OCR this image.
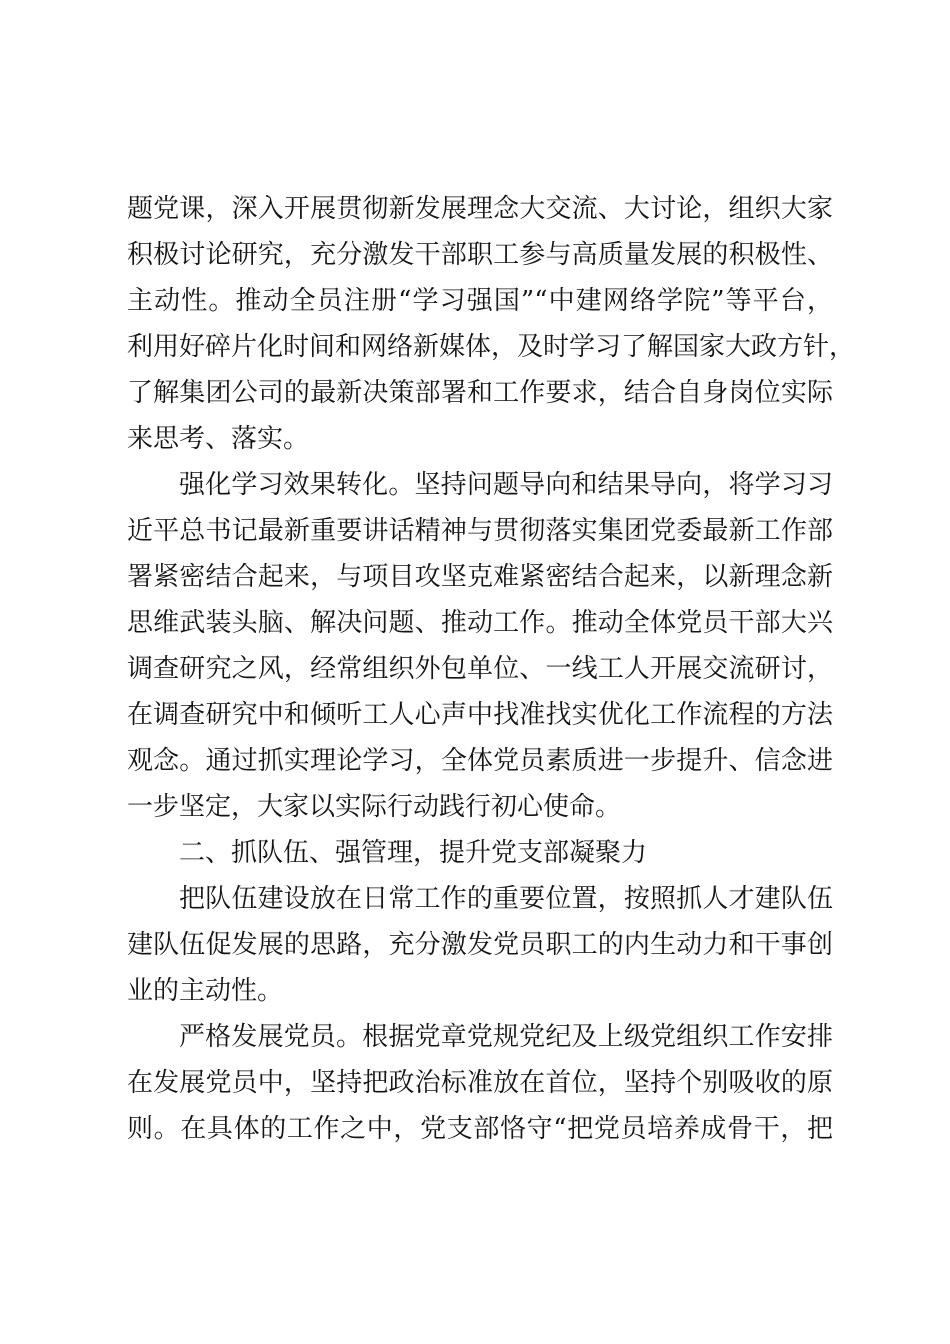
题党课，深入开展贯彻新发展理念大交流、大讨论，组织大家
积极讨论研究，充分激发干部职工参与高质量发展的积极性、
主动性。推动全员注册“学习强国”“中建网络学院”等平台，
利用好碎片化时间和网络新媒体，及时学习了解国家大政方针，
了解集团公司的最新决策部署和工作要求，结合自身岗位实际
来思考、落实。
强化学习效果转化。坚持问题导向和结果导向，将学习习
近平总书记最新重要讲话精神与贯彻落实集团党委最新工作部
署紧密结合起来，与项目攻坚克难紧密结合起来，以新理念新
思维武装头脑、解决问题、推动工作。推动全体党员干部大兴
调查研究之风，经常组织外包单位、一线工人开展交流研讨，
在调查研究中和倾听工人心声中找准找实优化工作流程的方法
观念。通过抓实理论学习，全体党员素质进一步提升、信念进
一步坚定，大家以实际行动践行初心使命。
二、抓队伍、强管理，提升党支部凝聚力
把队伍建设放在日常工作的重要位置，按照抓人才建队伍
建队伍促发展的思路，充分激发党员职工的内生动力和干事创
业的主动性。
严格发展党员。根据党章党规党纪及上级党组织工作安排
在发展党员中，坚持把政治标准放在首位，坚持个别吸收的原
则。在具体的工作之中，党支部恪守“把党员培养成骨干，把
